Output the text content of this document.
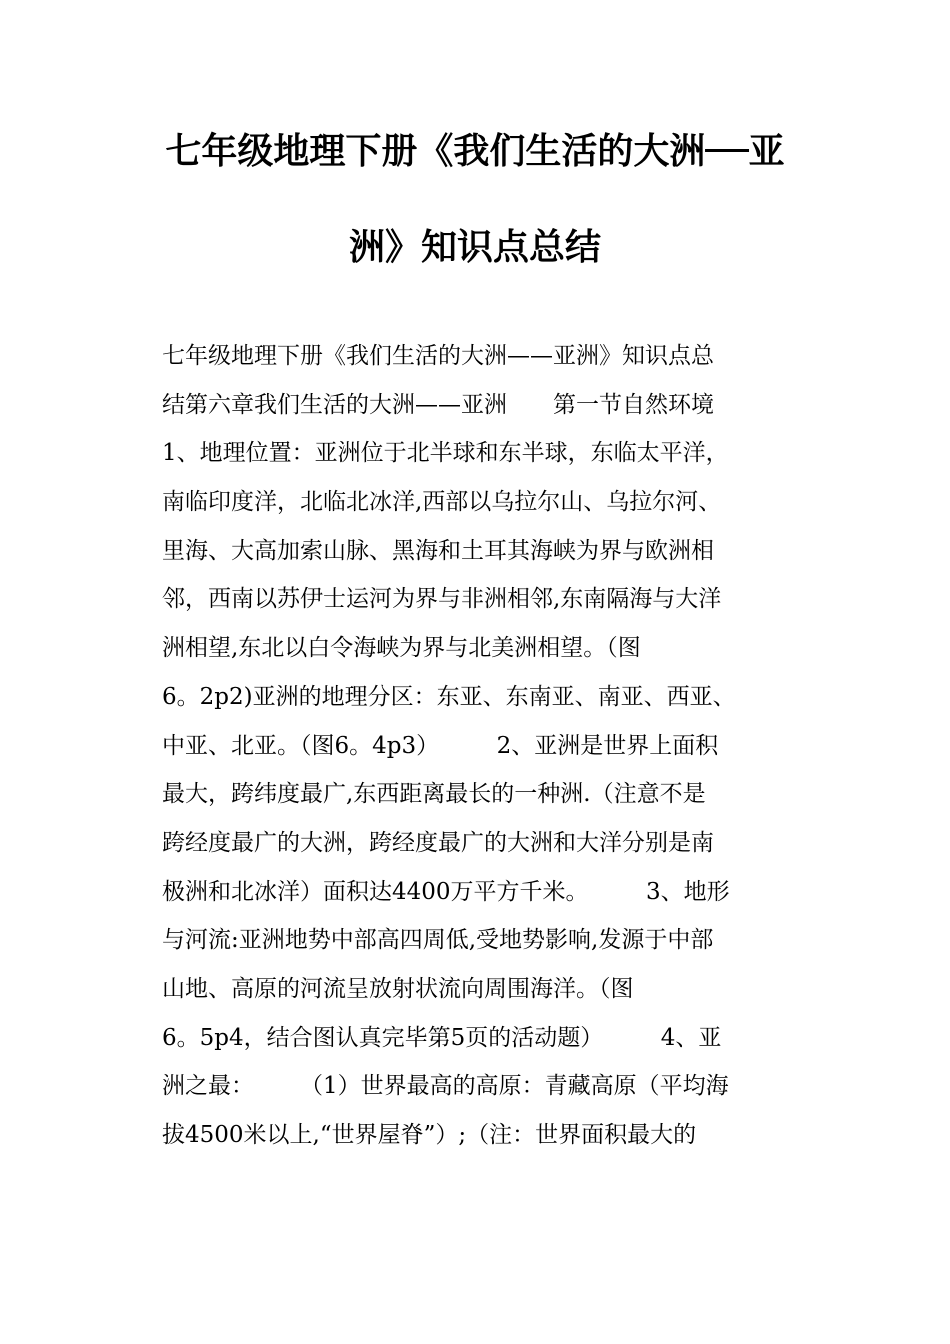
七年级地理下册《我们生活的大洲──亚
洲》知识点总结
七年级地理下册《我们生活的大洲——亚洲》知识点总
结第六章我们生活的大洲——亚洲　　第一节自然环境
1、地理位置：亚洲位于北半球和东半球，东临太平洋，
南临印度洋，北临北冰洋,西部以乌拉尔山、乌拉尔河、
里海、大高加索山脉、黑海和土耳其海峡为界与欧洲相
邻，西南以苏伊士运河为界与非洲相邻,东南隔海与大洋
洲相望,东北以白令海峡为界与北美洲相望。（图
6。2p2)亚洲的地理分区：东亚、东南亚、南亚、西亚、
中亚、北亚。（图6。4p3）　　　2、亚洲是世界上面积
最大，跨纬度最广,东西距离最长的一种洲.（注意不是
跨经度最广的大洲，跨经度最广的大洲和大洋分别是南
极洲和北冰洋）面积达4400万平方千米。　　　3、地形
与河流:亚洲地势中部高四周低,受地势影响,发源于中部
山地、高原的河流呈放射状流向周围海洋。（图
6。5p4，结合图认真完毕第5页的活动题）　　　4、亚
洲之最：　　　（1）世界最高的高原：青藏高原（平均海
拔4500米以上,“世界屋脊”）;（注：世界面积最大的
